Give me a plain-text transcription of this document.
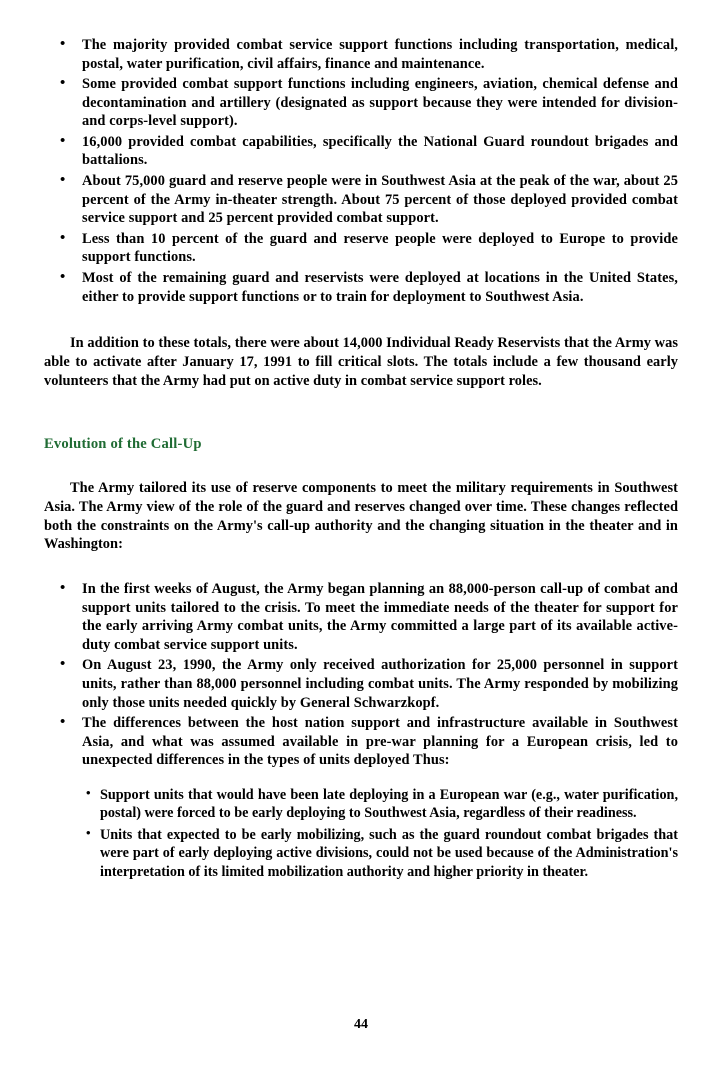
• The majority provided combat service support functions including transportation, medical, postal, water purification, civil affairs, finance and maintenance.
• Some provided combat support functions including engineers, aviation, chemical defense and decontamination and artillery (designated as support because they were intended for division- and corps-level support).
• 16,000 provided combat capabilities, specifically the National Guard roundout brigades and battalions.
• About 75,000 guard and reserve people were in Southwest Asia at the peak of the war, about 25 percent of the Army in-theater strength. About 75 percent of those deployed provided combat service support and 25 percent provided combat support.
• Less than 10 percent of the guard and reserve people were deployed to Europe to provide support functions.
• Most of the remaining guard and reservists were deployed at locations in the United States, either to provide support functions or to train for deployment to Southwest Asia.

In addition to these totals, there were about 14,000 Individual Ready Reservists that the Army was able to activate after January 17, 1991 to fill critical slots. The totals include a few thousand early volunteers that the Army had put on active duty in combat service support roles.

Evolution of the Call-Up

The Army tailored its use of reserve components to meet the military requirements in Southwest Asia. The Army view of the role of the guard and reserves changed over time. These changes reflected both the constraints on the Army's call-up authority and the changing situation in the theater and in Washington:

• In the first weeks of August, the Army began planning an 88,000-person call-up of combat and support units tailored to the crisis. To meet the immediate needs of the theater for support for the early arriving Army combat units, the Army committed a large part of its available active-duty combat service support units.
• On August 23, 1990, the Army only received authorization for 25,000 personnel in support units, rather than 88,000 personnel including combat units. The Army responded by mobilizing only those units needed quickly by General Schwarzkopf.
• The differences between the host nation support and infrastructure available in Southwest Asia, and what was assumed available in pre-war planning for a European crisis, led to unexpected differences in the types of units deployed Thus:
• Support units that would have been late deploying in a European war (e.g., water purification, postal) were forced to be early deploying to Southwest Asia, regardless of their readiness.
• Units that expected to be early mobilizing, such as the guard roundout combat brigades that were part of early deploying active divisions, could not be used because of the Administration's interpretation of its limited mobilization authority and higher priority in theater.
44
